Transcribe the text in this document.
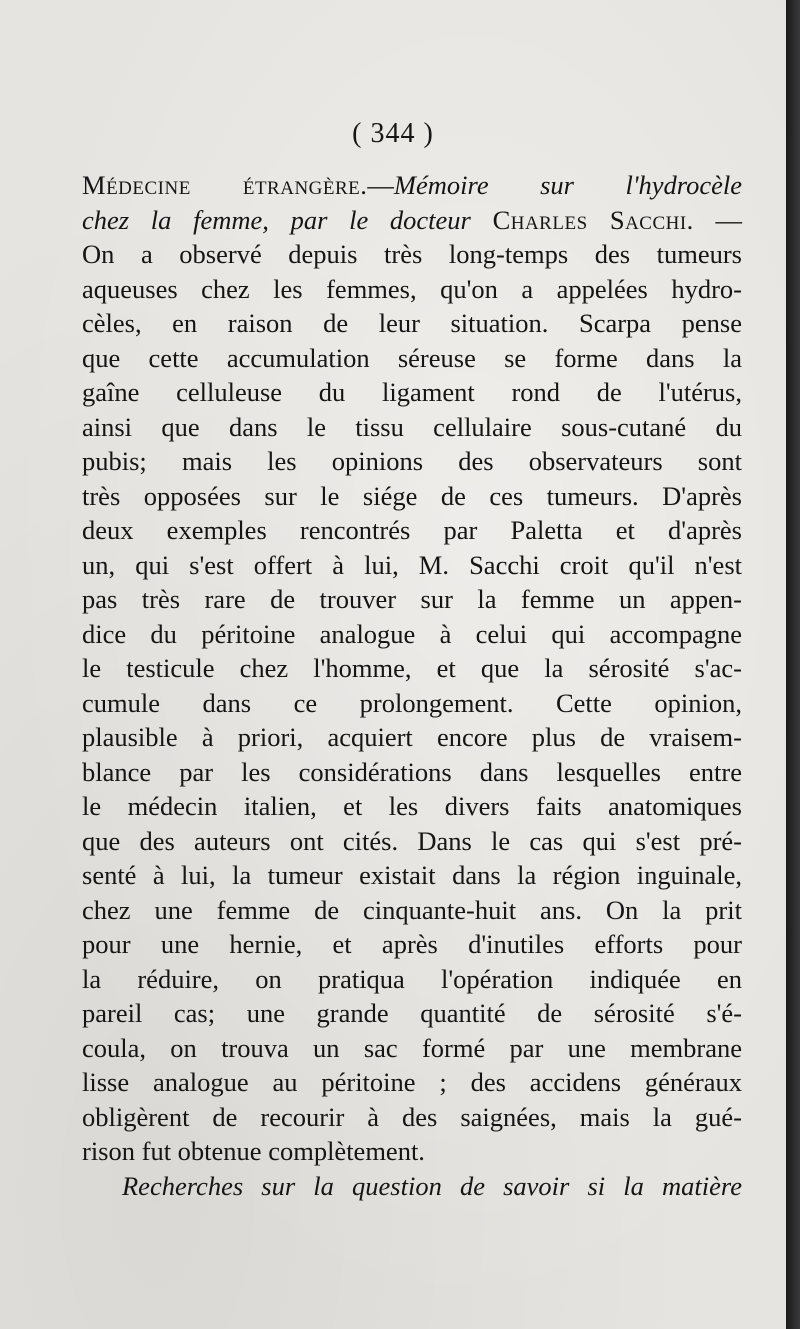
( 344 )
Médecine étrangère.—Mémoire sur l'hydrocèle
chez la femme, par le docteur Charles Sacchi. —
On a observé depuis très long-temps des tumeurs
aqueuses chez les femmes, qu'on a appelées hydro-
cèles, en raison de leur situation. Scarpa pense
que cette accumulation séreuse se forme dans la
gaîne celluleuse du ligament rond de l'utérus,
ainsi que dans le tissu cellulaire sous-cutané du
pubis; mais les opinions des observateurs sont
très opposées sur le siége de ces tumeurs. D'après
deux exemples rencontrés par Paletta et d'après
un, qui s'est offert à lui, M. Sacchi croit qu'il n'est
pas très rare de trouver sur la femme un appen-
dice du péritoine analogue à celui qui accompagne
le testicule chez l'homme, et que la sérosité s'ac-
cumule dans ce prolongement. Cette opinion,
plausible à priori, acquiert encore plus de vraisem-
blance par les considérations dans lesquelles entre
le médecin italien, et les divers faits anatomiques
que des auteurs ont cités. Dans le cas qui s'est pré-
senté à lui, la tumeur existait dans la région inguinale,
chez une femme de cinquante-huit ans. On la prit
pour une hernie, et après d'inutiles efforts pour
la réduire, on pratiqua l'opération indiquée en
pareil cas; une grande quantité de sérosité s'é-
coula, on trouva un sac formé par une membrane
lisse analogue au péritoine ; des accidens généraux
obligèrent de recourir à des saignées, mais la gué-
rison fut obtenue complètement.
Recherches sur la question de savoir si la matière
